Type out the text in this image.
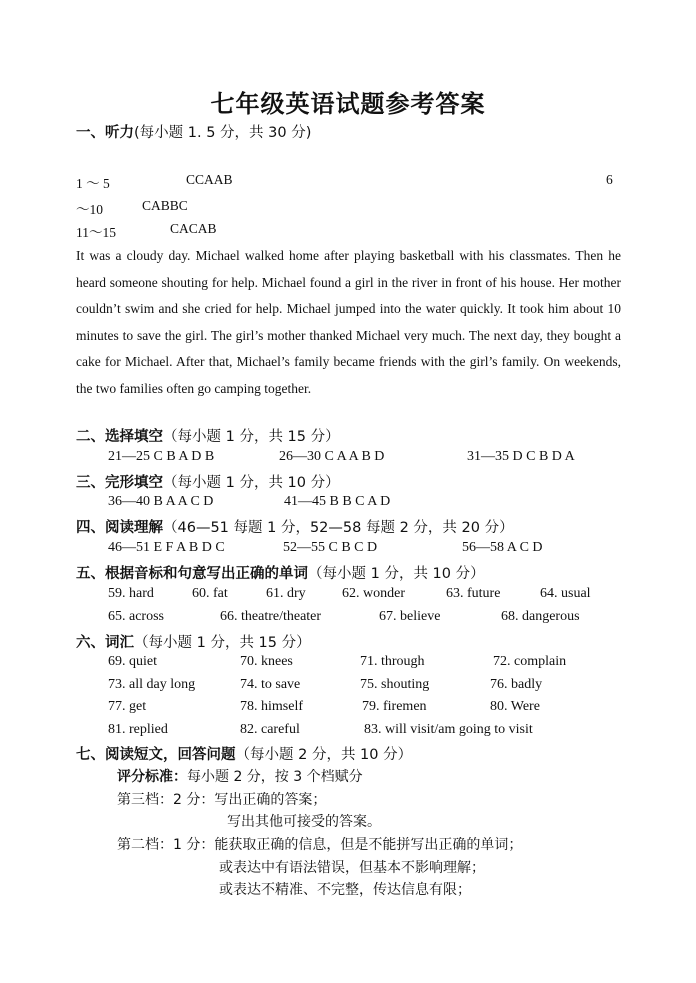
七年级英语试题参考答案
一、听力(每小题 1. 5 分，共 30 分)
1 ～ 5	CCAAB	6
～10	CABBC
11～15	CACAB
It was a cloudy day. Michael walked home after playing basketball with his classmates. Then he heard someone shouting for help. Michael found a girl in the river in front of his house. Her mother couldn’t swim and she cried for help. Michael jumped into the water quickly. It took him about 10 minutes to save the girl. The girl’s mother thanked Michael very much. The next day, they bought a cake for Michael. After that, Michael’s family became friends with the girl’s family. On weekends, the two families often go camping together.
二、选择填空（每小题 1 分，共 15 分）
21—25 C B A D B	26—30 C A A B D	31—35 D C B D A
三、完形填空（每小题 1 分，共 10 分）
36—40 B A A C D	41—45 B B C A D
四、阅读理解（46—51 每题 1 分，52—58 每题 2 分，共 20 分）
46—51 E F A B D C	52—55 C B C D	56—58 A C D
五、根据音标和句意写出正确的单词（每小题 1 分，共 10 分）
59. hard	60. fat	61. dry	62. wonder	63. future	64. usual
65. across	66. theatre/theater	67. believe	68. dangerous
六、词汇（每小题 1 分，共 15 分）
69. quiet	70. knees	71. through	72. complain
73. all day long	74. to save	75. shouting	76. badly
77. get	78. himself	79. firemen	80. Were
81. replied	82. careful	83. will visit/am going to visit
七、阅读短文，回答问题（每小题 2 分，共 10 分）
评分标准：每小题 2 分，按 3 个档赋分
第三档：2 分：写出正确的答案；
写出其他可接受的答案。
第二档：1 分：能获取正确的信息，但是不能拼写出正确的单词；
或表达中有语法错误，但基本不影响理解；
或表达不精准、不完整，传达信息有限；
